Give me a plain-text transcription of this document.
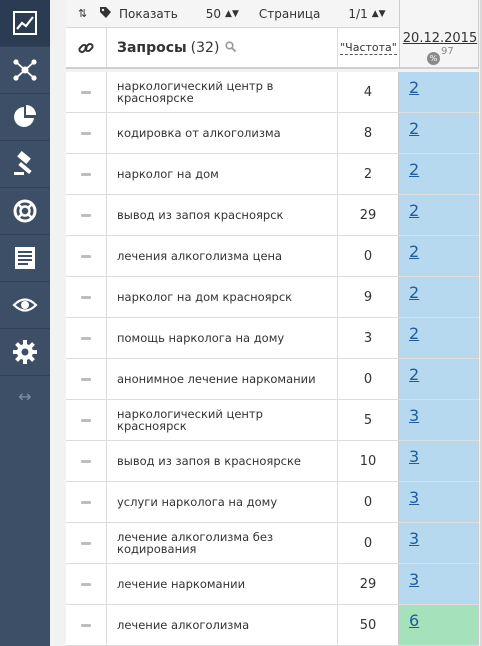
↔
⇅	Показать 50 ▲▼ Страница 1/1 ▲▼
Запросы (32)	"Частота"
20.12.2015
%
97
наркологический центр в красноярске	4	2
кодировка от алкоголизма	8	2
нарколог на дом	2	2
вывод из запоя красноярск	29	2
лечения алкоголизма цена	0	2
нарколог на дом красноярск	9	2
помощь нарколога на дому	3	2
анонимное лечение наркомании	0	2
наркологический центр красноярск	5	3
вывод из запоя в красноярске	10	3
услуги нарколога на дому	0	3
лечение алкоголизма без кодирования	0	3
лечение наркомании	29	3
лечение алкоголизма	50	6
